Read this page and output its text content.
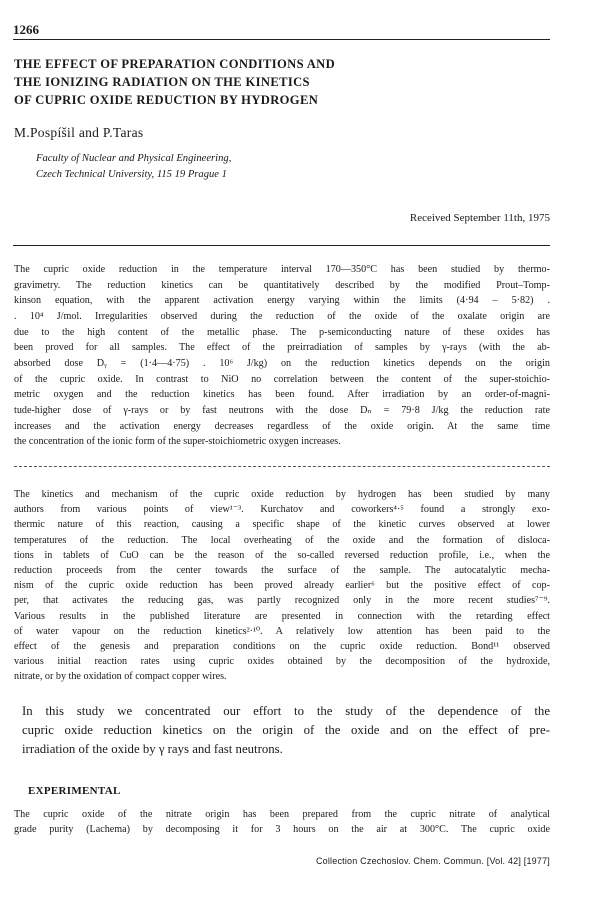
1266
THE EFFECT OF PREPARATION CONDITIONS AND
THE IONIZING RADIATION ON THE KINETICS
OF CUPRIC OXIDE REDUCTION BY HYDROGEN
M.Pospíšil and P.Taras
Faculty of Nuclear and Physical Engineering,
Czech Technical University, 115 19 Prague 1
Received September 11th, 1975
The cupric oxide reduction in the temperature interval 170—350°C has been studied by thermo-
gravimetry. The reduction kinetics can be quantitatively described by the modified Prout–Tomp-
kinson equation, with the apparent activation energy varying within the limits (4·94 – 5·82) .
. 10⁴ J/mol. Irregularities observed during the reduction of the oxide of the oxalate origin are
due to the high content of the metallic phase. The p-semiconducting nature of these oxides has
been proved for all samples. The effect of the preirradiation of samples by γ-rays (with the ab-
absorbed dose Dᵧ = (1·4—4·75) . 10⁶ J/kg) on the reduction kinetics depends on the origin
of the cupric oxide. In contrast to NiO no correlation between the content of the super-stoichio-
metric oxygen and the reduction kinetics has been found. After irradiation by an order-of-magni-
tude-higher dose of γ-rays or by fast neutrons with the dose Dₙ = 79·8 J/kg the reduction rate
increases and the activation energy decreases regardless of the oxide origin. At the same time
the concentration of the ionic form of the super-stoichiometric oxygen increases.
The kinetics and mechanism of the cupric oxide reduction by hydrogen has been studied by many
authors from various points of view¹⁻³. Kurchatov and coworkers⁴·⁵ found a strongly exo-
thermic nature of this reaction, causing a specific shape of the kinetic curves observed at lower
temperatures of the reduction. The local overheating of the oxide and the formation of disloca-
tions in tablets of CuO can be the reason of the so-called reversed reduction profile, i.e., when the
reduction proceeds from the center towards the surface of the sample. The autocatalytic mecha-
nism of the cupric oxide reduction has been proved already earlier⁶ but the positive effect of cop-
per, that activates the reducing gas, was partly recognized only in the more recent studies⁷⁻⁹.
Various results in the published literature are presented in connection with the retarding effect
of water vapour on the reduction kinetics²·¹⁰. A relatively low attention has been paid to the
effect of the genesis and preparation conditions on the cupric oxide reduction. Bond¹¹ observed
various initial reaction rates using cupric oxides obtained by the decomposition of the hydroxide,
nitrate, or by the oxidation of compact copper wires.
In this study we concentrated our effort to the study of the dependence of the
cupric oxide reduction kinetics on the origin of the oxide and on the effect of pre-
irradiation of the oxide by γ rays and fast neutrons.
EXPERIMENTAL
The cupric oxide of the nitrate origin has been prepared from the cupric nitrate of analytical
grade purity (Lachema) by decomposing it for 3 hours on the air at 300°C. The cupric oxide
Collection Czechoslov. Chem. Commun. [Vol. 42] [1977]
